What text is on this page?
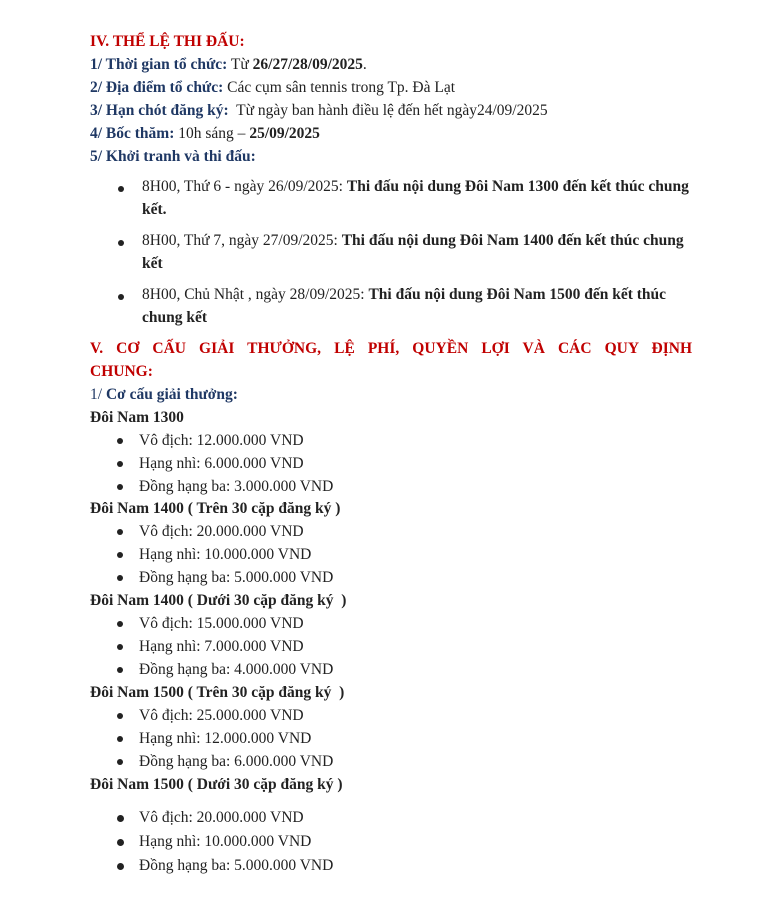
IV. THỂ LỆ THI ĐẤU:
1/ Thời gian tổ chức: Từ 26/27/28/09/2025.
2/ Địa điểm tổ chức: Các cụm sân tennis trong Tp. Đà Lạt
3/ Hạn chót đăng ký:  Từ ngày ban hành điều lệ đến hết ngày24/09/2025
4/ Bốc thăm: 10h sáng – 25/09/2025
5/ Khởi tranh và thi đấu:
8H00, Thứ 6 - ngày 26/09/2025: Thi đấu nội dung Đôi Nam 1300 đến kết thúc chung kết.
8H00, Thứ 7, ngày 27/09/2025: Thi đấu nội dung Đôi Nam 1400 đến kết thúc chung kết
8H00, Chủ Nhật , ngày 28/09/2025: Thi đấu nội dung Đôi Nam 1500 đến kết thúc chung kết
V. CƠ CẤU GIẢI THƯỞNG, LỆ PHÍ, QUYỀN LỢI VÀ CÁC QUY ĐỊNH
CHUNG:
1/ Cơ cấu giải thưởng:
Đôi Nam 1300
Vô địch: 12.000.000 VND
Hạng nhì: 6.000.000 VND
Đồng hạng ba: 3.000.000 VND
Đôi Nam 1400 ( Trên 30 cặp đăng ký )
Vô địch: 20.000.000 VND
Hạng nhì: 10.000.000 VND
Đồng hạng ba: 5.000.000 VND
Đôi Nam 1400 ( Dưới 30 cặp đăng ký  )
Vô địch: 15.000.000 VND
Hạng nhì: 7.000.000 VND
Đồng hạng ba: 4.000.000 VND
Đôi Nam 1500 ( Trên 30 cặp đăng ký  )
Vô địch: 25.000.000 VND
Hạng nhì: 12.000.000 VND
Đồng hạng ba: 6.000.000 VND
Đôi Nam 1500 ( Dưới 30 cặp đăng ký )
Vô địch: 20.000.000 VND
Hạng nhì: 10.000.000 VND
Đồng hạng ba: 5.000.000 VND
